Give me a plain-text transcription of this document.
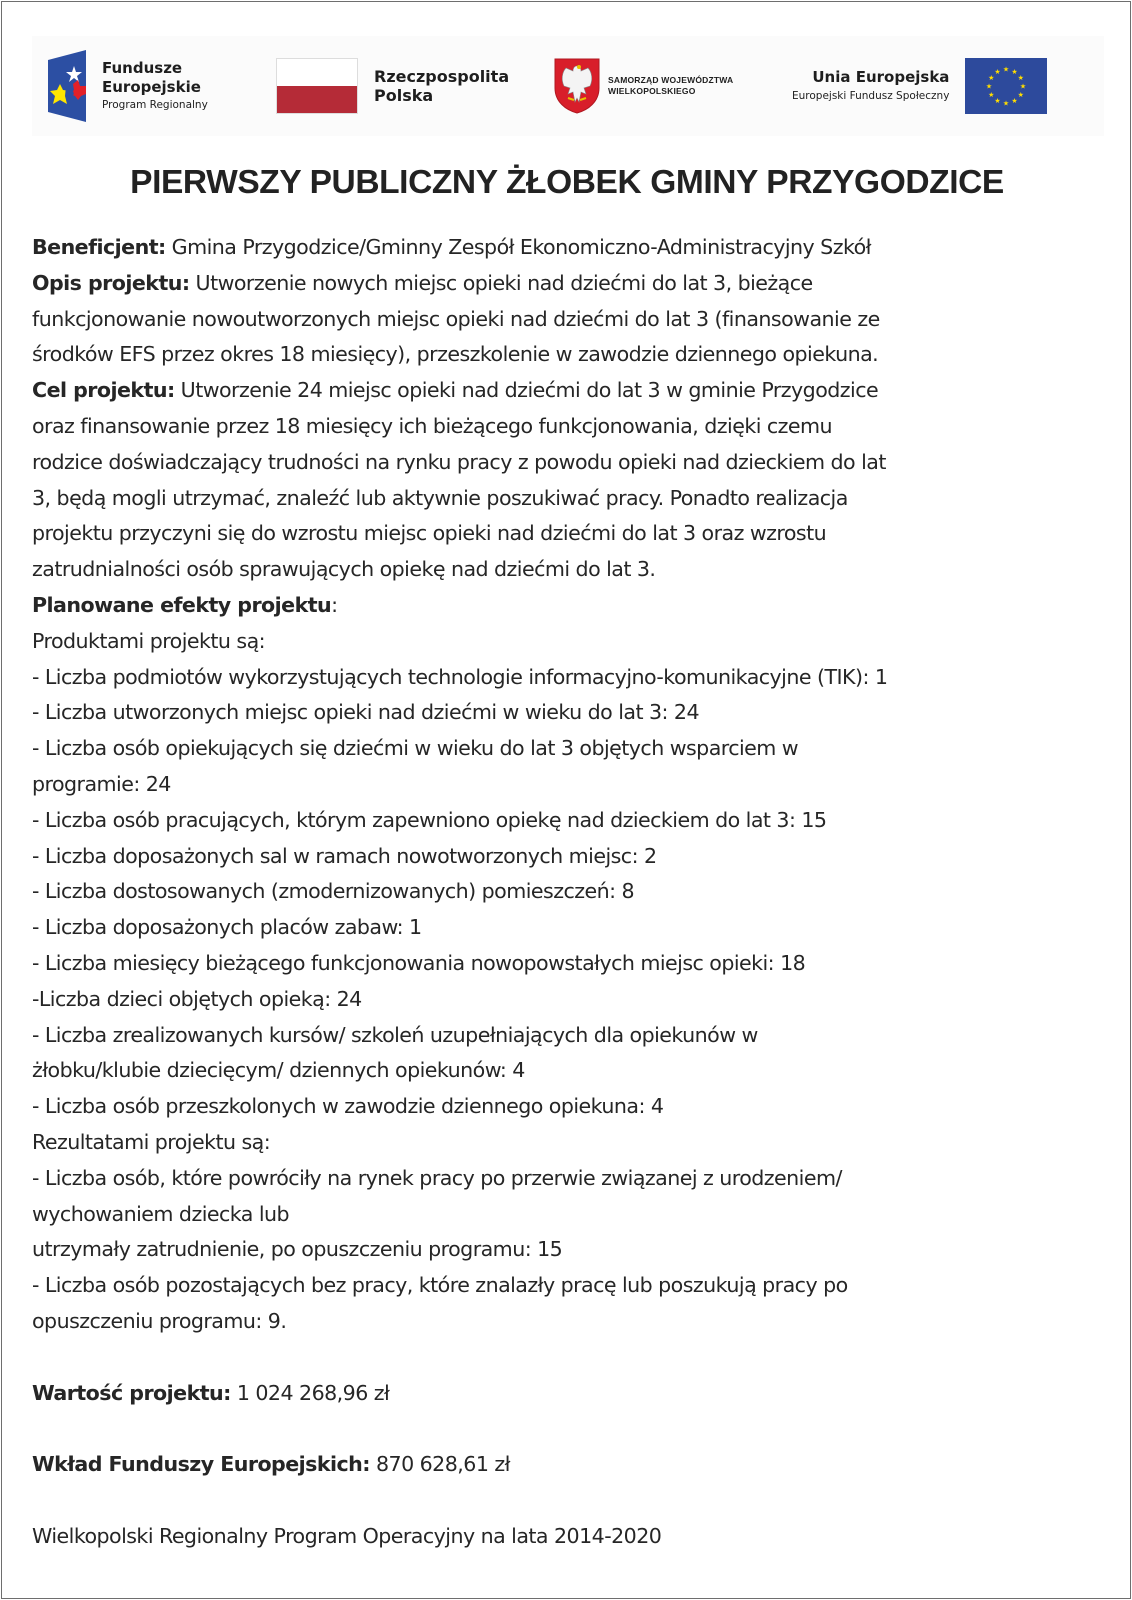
Fundusze
Europejskie
Program Regionalny
Rzeczpospolita
Polska
SAMORZĄD WOJEWÓDZTWA
WIELKOPOLSKIEGO
Unia Europejska
Europejski Fundusz Społeczny
★ ★
★
★
★
★
★
★
★
★
★
★
PIERWSZY PUBLICZNY ŻŁOBEK GMINY PRZYGODZICE
Beneficjent: Gmina Przygodzice/Gminny Zespół Ekonomiczno-Administracyjny Szkół
Opis projektu: Utworzenie nowych miejsc opieki nad dziećmi do lat 3, bieżące
funkcjonowanie nowoutworzonych miejsc opieki nad dziećmi do lat 3 (finansowanie ze
środków EFS przez okres 18 miesięcy), przeszkolenie w zawodzie dziennego opiekuna.
Cel projektu: Utworzenie 24 miejsc opieki nad dziećmi do lat 3 w gminie Przygodzice
oraz finansowanie przez 18 miesięcy ich bieżącego funkcjonowania, dzięki czemu
rodzice doświadczający trudności na rynku pracy z powodu opieki nad dzieckiem do lat
3, będą mogli utrzymać, znaleźć lub aktywnie poszukiwać pracy. Ponadto realizacja
projektu przyczyni się do wzrostu miejsc opieki nad dziećmi do lat 3 oraz wzrostu
zatrudnialności osób sprawujących opiekę nad dziećmi do lat 3.
Planowane efekty projektu:
Produktami projektu są:
- Liczba podmiotów wykorzystujących technologie informacyjno-komunikacyjne (TIK): 1
- Liczba utworzonych miejsc opieki nad dziećmi w wieku do lat 3: 24
- Liczba osób opiekujących się dziećmi w wieku do lat 3 objętych wsparciem w
programie: 24
- Liczba osób pracujących, którym zapewniono opiekę nad dzieckiem do lat 3: 15
- Liczba doposażonych sal w ramach nowotworzonych miejsc: 2
- Liczba dostosowanych (zmodernizowanych) pomieszczeń: 8
- Liczba doposażonych placów zabaw: 1
- Liczba miesięcy bieżącego funkcjonowania nowopowstałych miejsc opieki: 18
-Liczba dzieci objętych opieką: 24
- Liczba zrealizowanych kursów/ szkoleń uzupełniających dla opiekunów w
żłobku/klubie dziecięcym/ dziennych opiekunów: 4
- Liczba osób przeszkolonych w zawodzie dziennego opiekuna: 4
Rezultatami projektu są:
- Liczba osób, które powróciły na rynek pracy po przerwie związanej z urodzeniem/
wychowaniem dziecka lub
utrzymały zatrudnienie, po opuszczeniu programu: 15
- Liczba osób pozostających bez pracy, które znalazły pracę lub poszukują pracy po
opuszczeniu programu: 9.
Wartość projektu: 1 024 268,96 zł
Wkład Funduszy Europejskich: 870 628,61 zł
Wielkopolski Regionalny Program Operacyjny na lata 2014-2020
